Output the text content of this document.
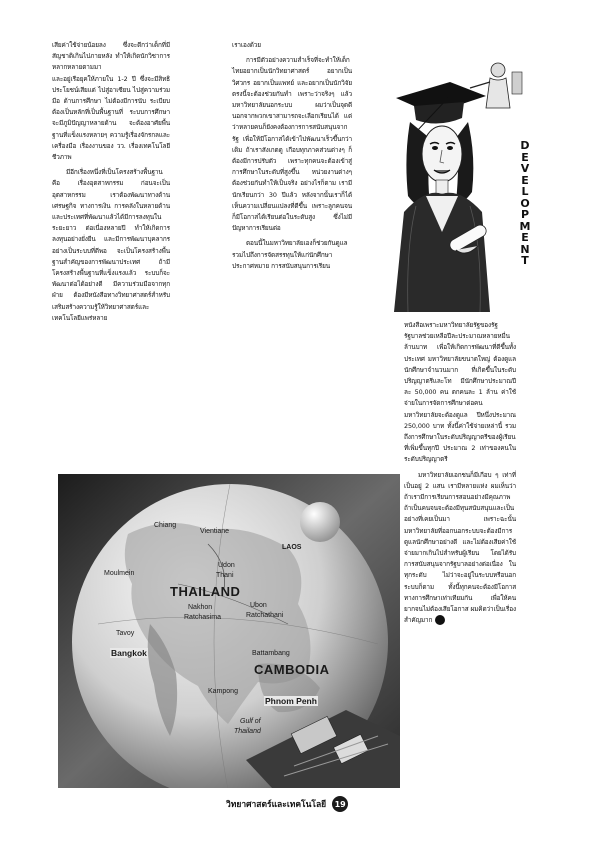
เสียค่าใช้จ่ายน้อยลง ซึ่งจะดีกว่าเด็กที่มีสัญชาติเกินไปภายหลัง ทำให้เกิดนักวิชาการหลากหลายตามมา

และอยู่เรือยุคให้ภายใน 1-2 ปี ซึ่งจะมีสิทธิประโยชน์เสียแต่ ไปสู่อาเซียน ไปสู่ความร่วมมือ ด้านการศึกษา ไม่ต้องมีการนับ ระเบียบต้องเป็นหลักที่เป็นพื้นฐานที่ ระบบการศึกษา จะมีภูมิปัญญาหลายด้าน จะต้องอาศัยพื้นฐานที่แข็งแรงหลายๆ ความรู้เรื่องจักรกลและเครื่องมือ เรื่องงานของ วว. เรื่องเทคโนโลยีชีวภาพ

มีอีกเรื่องหนึ่งที่เป็นโครงสร้างพื้นฐาน คือ เรื่องอุตสาหกรรม ก่อนจะเป็นอุตสาหกรรม เราต้องพัฒนาทางด้านเศรษฐกิจ ทางการเงิน การคลังในหลายด้าน และประเทศที่พัฒนาแล้วได้มีการลงทุนในระยะยาว ต่อเนื่องหลายปี ทำให้เกิดการลงทุนอย่างยั่งยืน และมีการพัฒนาบุคลากรอย่างเป็นระบบที่ดีพอ จะเป็นโครงสร้างพื้นฐานสำคัญของการพัฒนาประเทศ ถ้ามีโครงสร้างพื้นฐานที่แข็งแรงแล้ว ระบบก็จะพัฒนาต่อได้อย่างดี มีความร่วมมือจากทุกฝ่าย ต้องมีหนังสือทางวิทยาศาสตร์สำหรับเสริมสร้างความรู้ให้วิทยาศาสตร์และเทคโนโลยีแพร่หลาย

เราเองด้วย

การมีตัวอย่างความสำเร็จที่จะทำให้เด็กไทยอยากเป็นนักวิทยาศาสตร์ อยากเป็นวิศวกร อยากเป็นแพทย์ และอยากเป็นนักวิจัย ตรงนี้จะต้องช่วยกันทำ เพราะว่าจริงๆ แล้ว มหาวิทยาลัยนอกระบบ ผมว่าเป็นจุดดี นอกจากพวกเขาสามารถจะเลือกเรียนได้ แต่ว่าหลายคนก็ยังคงต้องการการสนับสนุนจากรัฐ เพื่อให้มีโอกาสได้เข้าไปพัฒนาเร็วขึ้นกว่าเดิม ถ้าเราสังเกตดู เกือบทุกภาคส่วนต่างๆ ก็ต้องมีการปรับตัว เพราะทุกคนจะต้องเข้าสู่การศึกษาในระดับที่สูงขึ้น หน่วยงานต่างๆ ต้องช่วยกันทำให้เป็นจริง อย่างไรก็ตาม เรามีนักเรียนกว่า 30 ปีแล้ว หลังจากนั้นเราก็ได้เห็นความเปลี่ยนแปลงที่ดีขึ้น เพราะลูกคนจนก็มีโอกาสได้เรียนต่อในระดับสูง ซึ่งไม่มีปัญหาการเรียนต่อ

ตอนนี้ในมหาวิทยาลัยเองก็ช่วยกันดูแลรวมไปถึงการจัดสรรทุนให้แก่นักศึกษา ประกาศหมาย การสนับสนุนการเรียน

หนังสือเพราะมหาวิทยาลัยรัฐของรัฐ รัฐบาลช่วยเหลือปีละประมาณหลายหมื่นล้านบาท เพื่อให้เกิดการพัฒนาที่ดีขึ้นทั้งประเทศ มหาวิทยาลัยขนาดใหญ่ ต้องดูแลนักศึกษาจำนวนมาก ที่เกิดขึ้นในระดับปริญญาตรีและโท มีนักศึกษาประมาณปีละ 50,000 คน ตกคนละ 1 ล้าน ค่าใช้จ่ายในการจัดการศึกษาต่อคน มหาวิทยาลัยจะต้องดูแล ปีหนึ่งประมาณ 250,000 บาท ทั้งนี้ค่าใช้จ่ายเหล่านี้ รวมถึงการศึกษาในระดับปริญญาตรีของผู้เรียน ที่เพิ่มขึ้นทุกปี ประมาณ 2 เท่าของคนในระดับปริญญาตรี

มหาวิทยาลัยเอกชนก็มีเกือบ ๆ เท่าที่เป็นอยู่ 2 แสน เรามีหลายแห่ง ผมเห็นว่าถ้าเรามีการเรียนการสอนอย่างมีคุณภาพ ถ้าเป็นคนจนจะต้องมีทุนสนับสนุนและเป็นอย่างที่เคยเป็นมา เพราะฉะนั้นมหาวิทยาลัยที่ออกนอกระบบจะต้องมีการดูแลนักศึกษาอย่างดี และไม่ต้องเสียค่าใช้จ่ายมากเกินไปสำหรับผู้เรียน โดยได้รับการสนับสนุนจากรัฐบาลอย่างต่อเนื่อง ในทุกระดับ ไม่ว่าจะอยู่ในระบบหรือนอกระบบก็ตาม ทั้งนี้ทุกคนจะต้องมีโอกาสทางการศึกษาเท่าเทียมกัน เพื่อให้คนยากจนไม่ต้องเสียโอกาส ผมคิดว่าเป็นเรื่องสำคัญมาก

DEVELOPMENT
THAILAND
CAMBODIA
Bangkok
Nakhon
Ratchasima
Ubon
Ratchathani
Udon
Thani
Moulmein
Tavoy
Vientiane
Battambang
Phnom Penh
Kampong
Chiang
LAOS
Gulf of
Thailand
วิทยาศาสตร์และเทคโนโลยี	19
